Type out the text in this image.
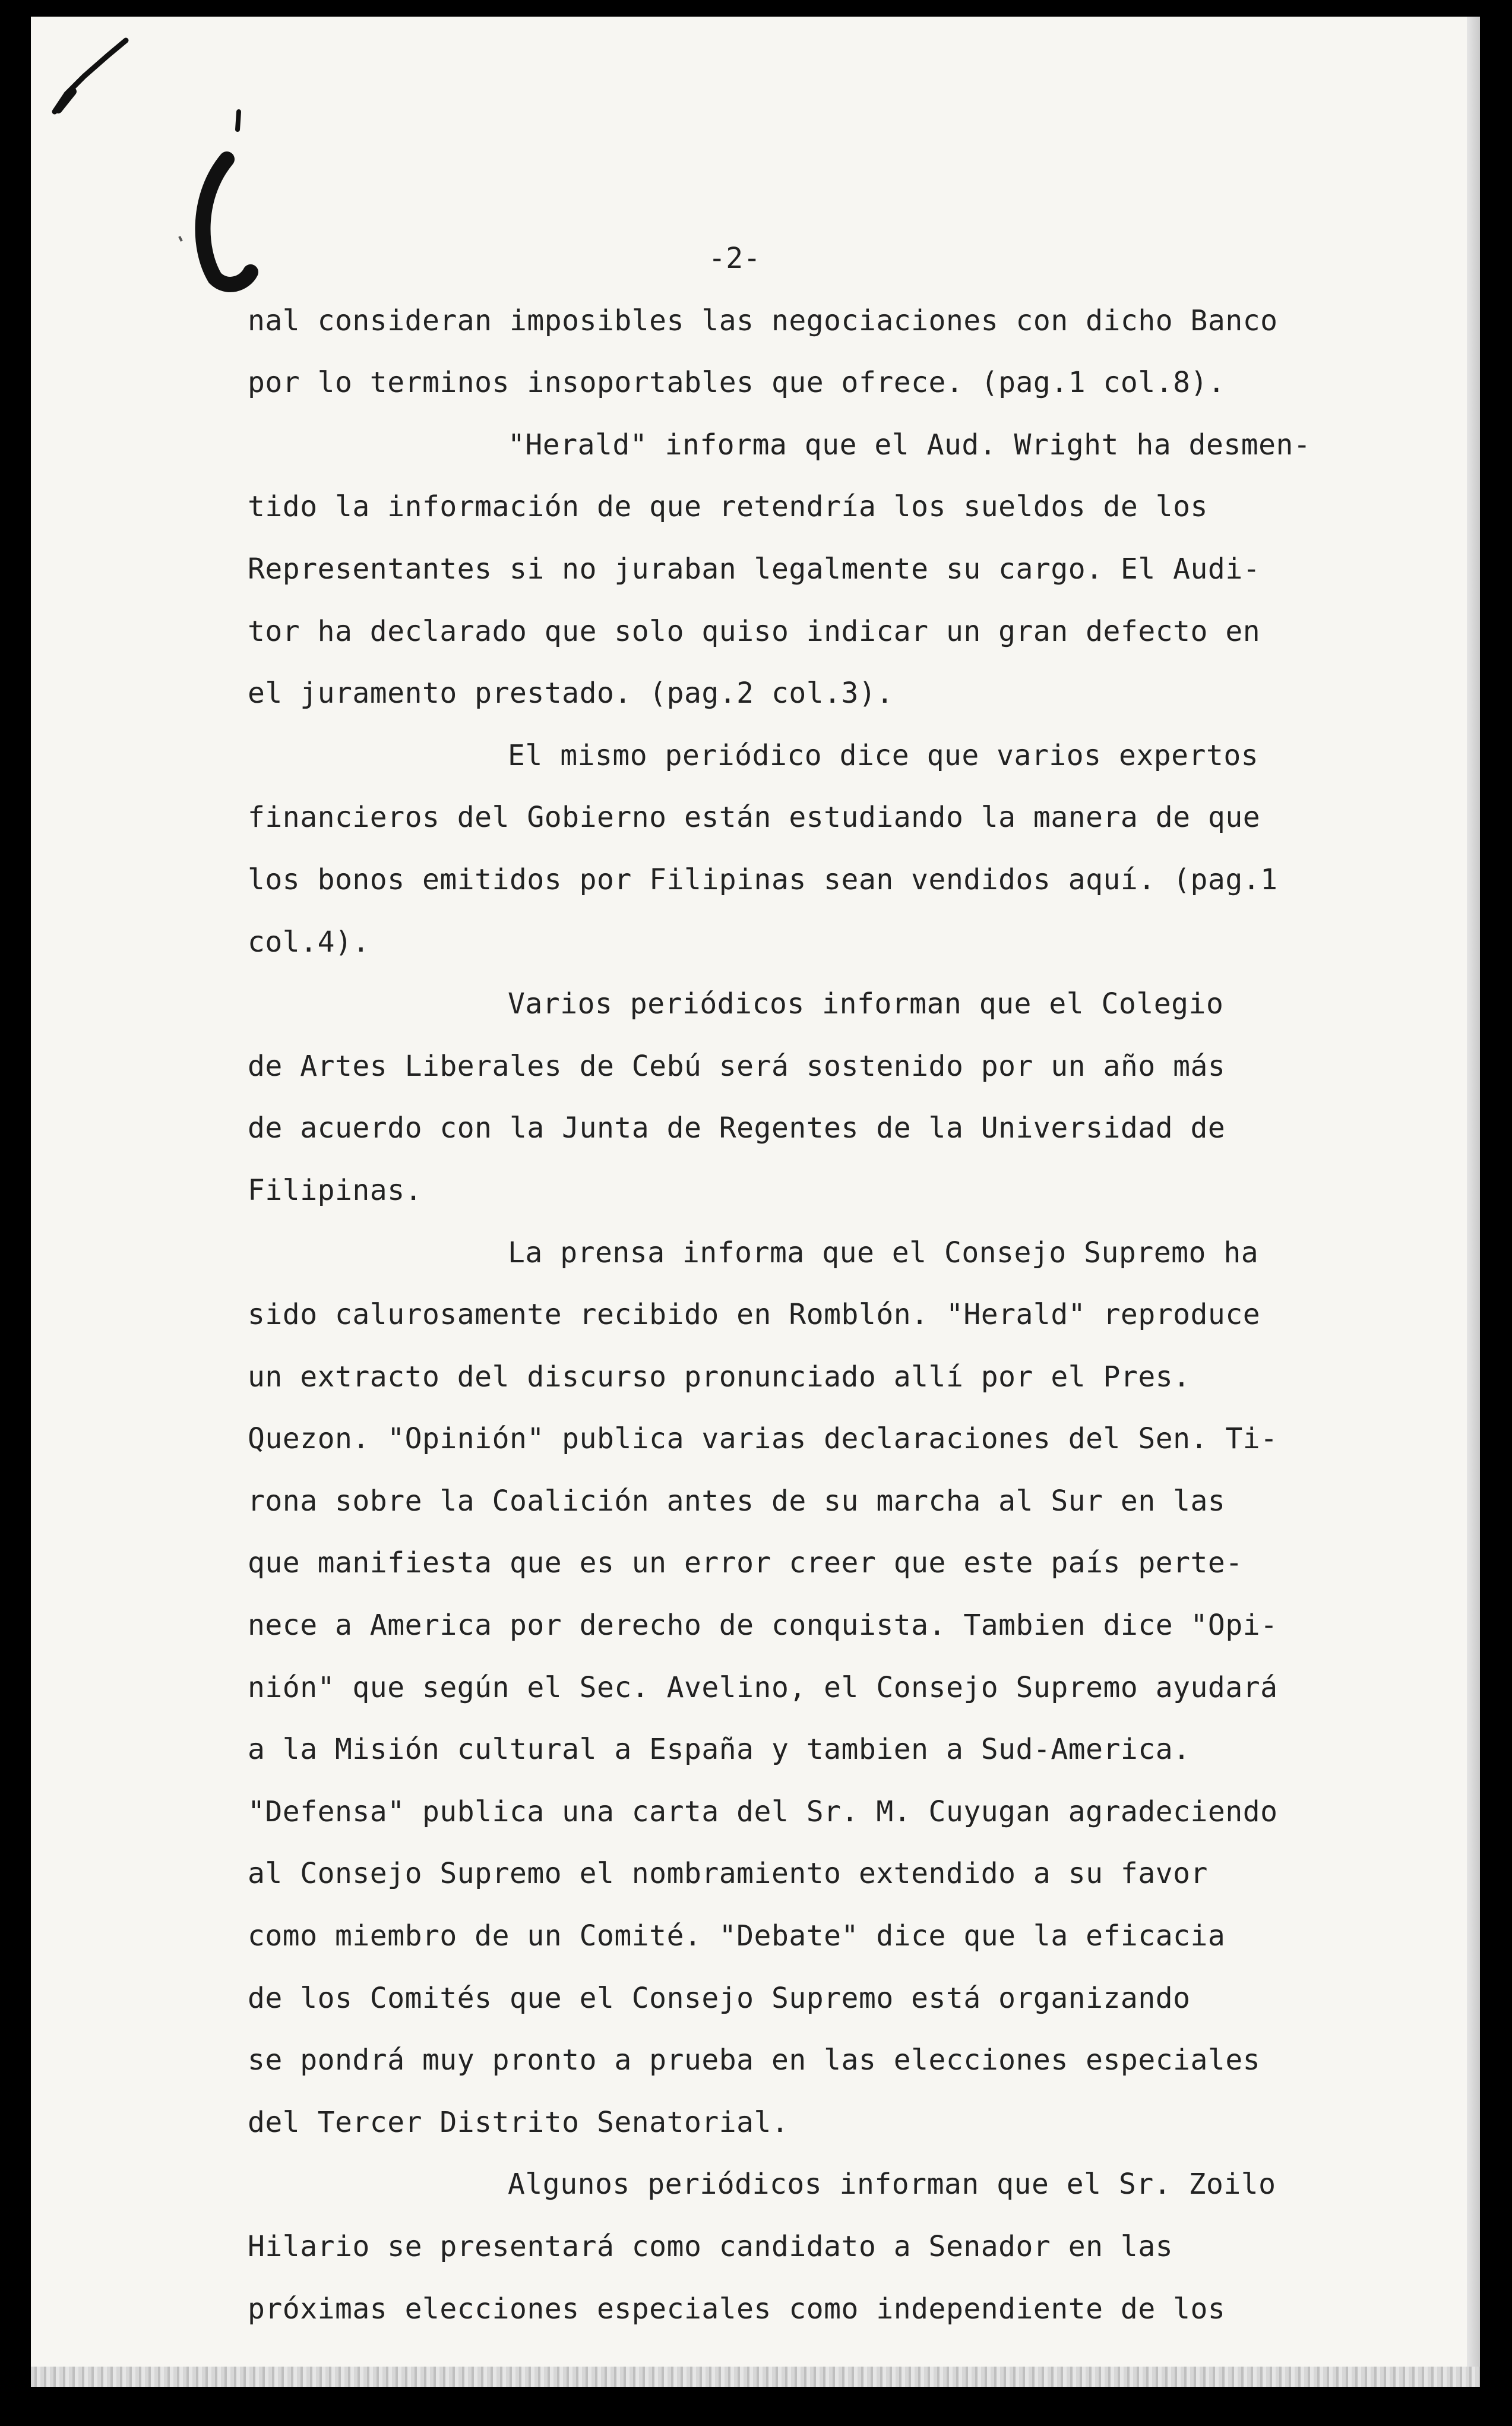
-2-
nal consideran imposibles las negociaciones con dicho Banco
por lo terminos insoportables que ofrece. (pag.1 col.8).
"Herald" informa que el Aud. Wright ha desmen-
tido la información de que retendría los sueldos de los
Representantes si no juraban legalmente su cargo. El Audi-
tor ha declarado que solo quiso indicar un gran defecto en
el juramento prestado. (pag.2 col.3).
El mismo periódico dice que varios expertos
financieros del Gobierno están estudiando la manera de que
los bonos emitidos por Filipinas sean vendidos aquí. (pag.1
col.4).
Varios periódicos informan que el Colegio
de Artes Liberales de Cebú será sostenido por un año más
de acuerdo con la Junta de Regentes de la Universidad de
Filipinas.
La prensa informa que el Consejo Supremo ha
sido calurosamente recibido en Romblón. "Herald" reproduce
un extracto del discurso pronunciado allí por el Pres.
Quezon. "Opinión" publica varias declaraciones del Sen. Ti-
rona sobre la Coalición antes de su marcha al Sur en las
que manifiesta que es un error creer que este país perte-
nece a America por derecho de conquista. Tambien dice "Opi-
nión" que según el Sec. Avelino, el Consejo Supremo ayudará
a la Misión cultural a España y tambien a Sud-America.
"Defensa" publica una carta del Sr. M. Cuyugan agradeciendo
al Consejo Supremo el nombramiento extendido a su favor
como miembro de un Comité. "Debate" dice que la eficacia
de los Comités que el Consejo Supremo está organizando
se pondrá muy pronto a prueba en las elecciones especiales
del Tercer Distrito Senatorial.
Algunos periódicos informan que el Sr. Zoilo
Hilario se presentará como candidato a Senador en las
próximas elecciones especiales como independiente de los
